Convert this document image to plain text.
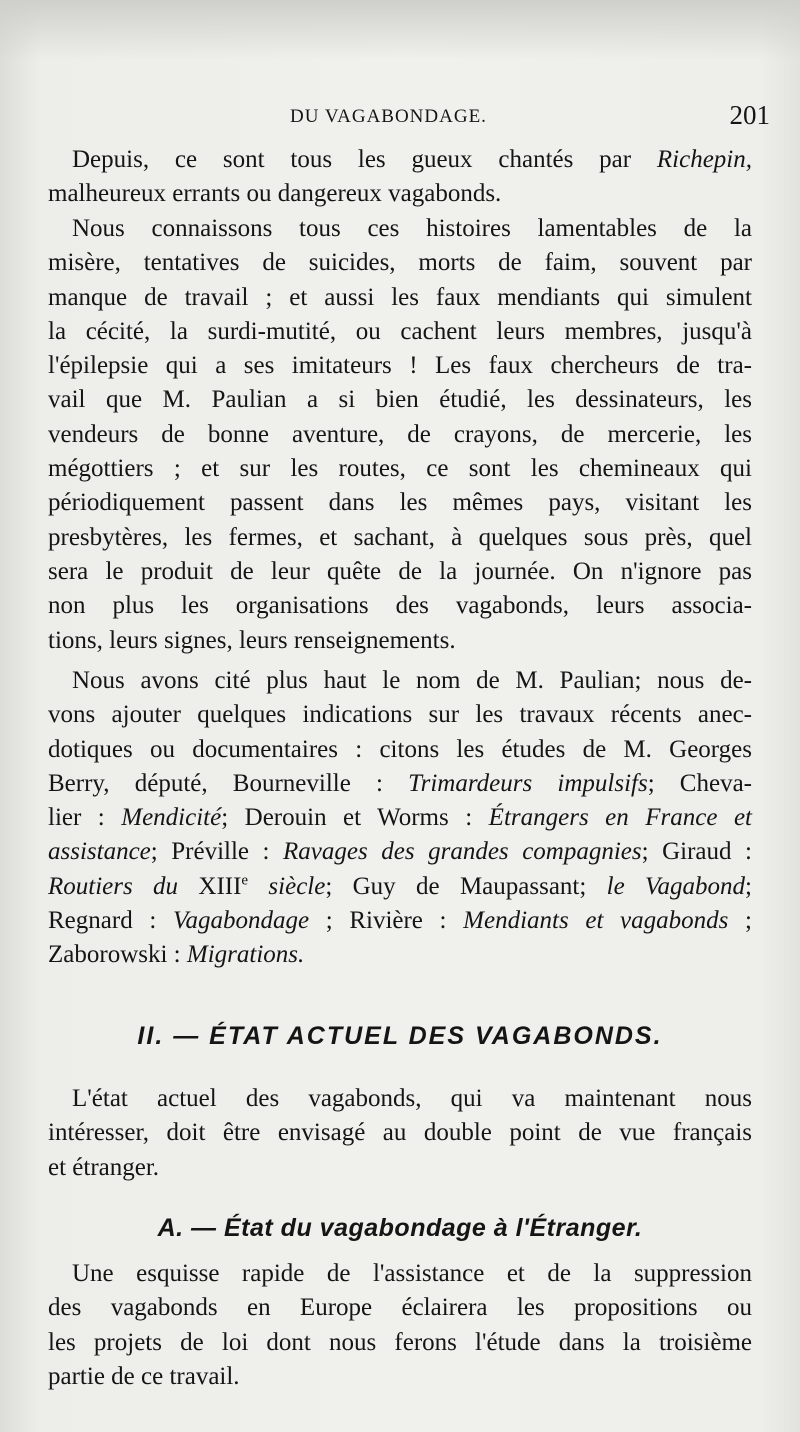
DU VAGABONDAGE.	201
Depuis, ce sont tous les gueux chantés par Richepin,
malheureux errants ou dangereux vagabonds.
Nous connaissons tous ces histoires lamentables de la
misère, tentatives de suicides, morts de faim, souvent par
manque de travail ; et aussi les faux mendiants qui simulent
la cécité, la surdi-mutité, ou cachent leurs membres, jusqu'à
l'épilepsie qui a ses imitateurs ! Les faux chercheurs de tra-
vail que M. Paulian a si bien étudié, les dessinateurs, les
vendeurs de bonne aventure, de crayons, de mercerie, les
mégottiers ; et sur les routes, ce sont les chemineaux qui
périodiquement passent dans les mêmes pays, visitant les
presbytères, les fermes, et sachant, à quelques sous près, quel
sera le produit de leur quête de la journée. On n'ignore pas
non plus les organisations des vagabonds, leurs associa-
tions, leurs signes, leurs renseignements.
Nous avons cité plus haut le nom de M. Paulian; nous de-
vons ajouter quelques indications sur les travaux récents anec-
dotiques ou documentaires : citons les études de M. Georges
Berry, député, Bourneville : Trimardeurs impulsifs; Cheva-
lier : Mendicité; Derouin et Worms : Étrangers en France et
assistance; Préville : Ravages des grandes compagnies; Giraud :
Routiers du XIIIe siècle; Guy de Maupassant; le Vagabond;
Regnard : Vagabondage ; Rivière : Mendiants et vagabonds ;
Zaborowski : Migrations.
II. — ÉTAT ACTUEL DES VAGABONDS.
L'état actuel des vagabonds, qui va maintenant nous
intéresser, doit être envisagé au double point de vue français
et étranger.
A. — État du vagabondage à l'Étranger.
Une esquisse rapide de l'assistance et de la suppression
des vagabonds en Europe éclairera les propositions ou
les projets de loi dont nous ferons l'étude dans la troisième
partie de ce travail.
